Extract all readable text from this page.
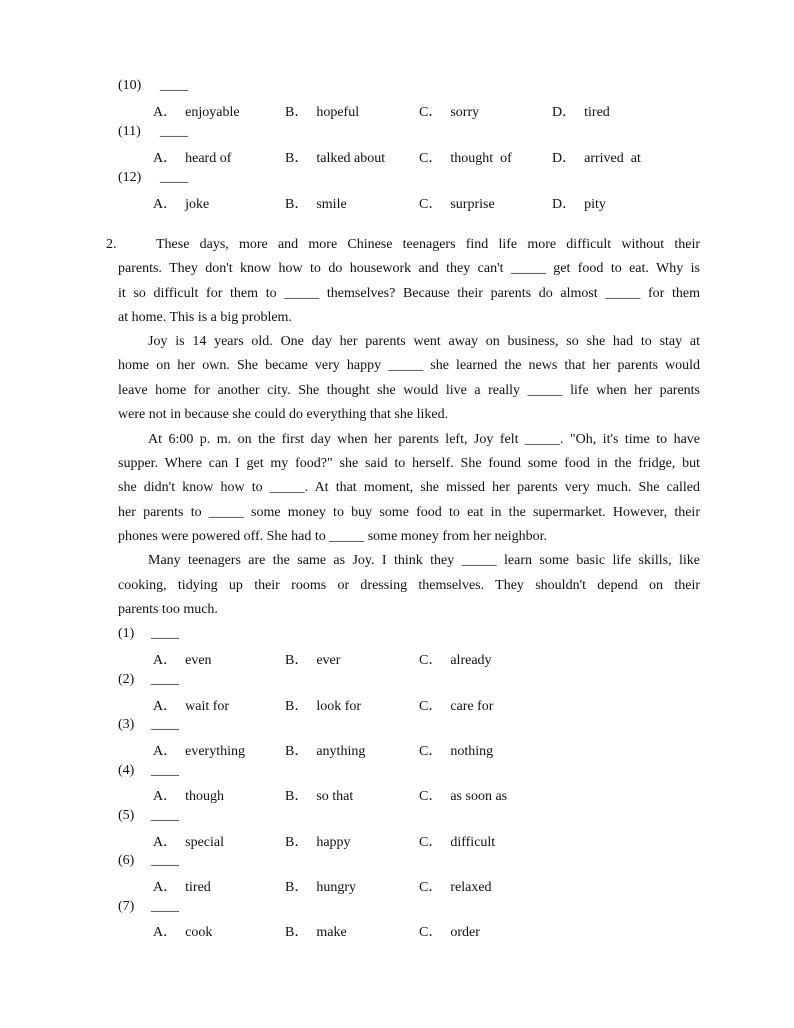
(10) ____
A． enjoyable	B． hopeful	C． sorry	D． tired
(11) ____
A． heard of	B． talked about C． thought  of	D． arrived  at
(12) ____
A． joke	B． smile	C． surprise	D． pity
2.	These days, more and more Chinese teenagers find life more difficult without their
parents. They don't know how to do housework and they can't _____ get food to eat. Why is
it so difficult for them to _____ themselves? Because their parents do almost _____ for them
at home. This is a big problem.
Joy is 14 years old. One day her parents went away on business, so she had to stay at
home on her own. She became very happy _____ she learned the news that her parents would
leave home for another city. She thought she would live a really _____ life when her parents
were not in because she could do everything that she liked.
At 6:00 p. m. on the first day when her parents left, Joy felt _____. "Oh, it's time to have
supper. Where can I get my food?" she said to herself. She found some food in the fridge, but
she didn't know how to _____. At that moment, she missed her parents very much. She called
her parents to _____ some money to buy some food to eat in the supermarket. However, their
phones were powered off. She had to _____ some money from her neighbor.
Many teenagers are the same as Joy. I think they _____ learn some basic life skills, like
cooking, tidying up their rooms or dressing themselves. They shouldn't depend on their
parents too much.
(1) ____
A． even	B． ever	C． already
(2) ____
A． wait for	B． look for	C． care for
(3) ____
A． everything	B． anything	C． nothing
(4) ____
A． though	B． so that	C． as soon as
(5) ____
A． special	B． happy	C． difficult
(6) ____
A． tired	B． hungry	C． relaxed
(7) ____
A． cook	B． make	C． order
